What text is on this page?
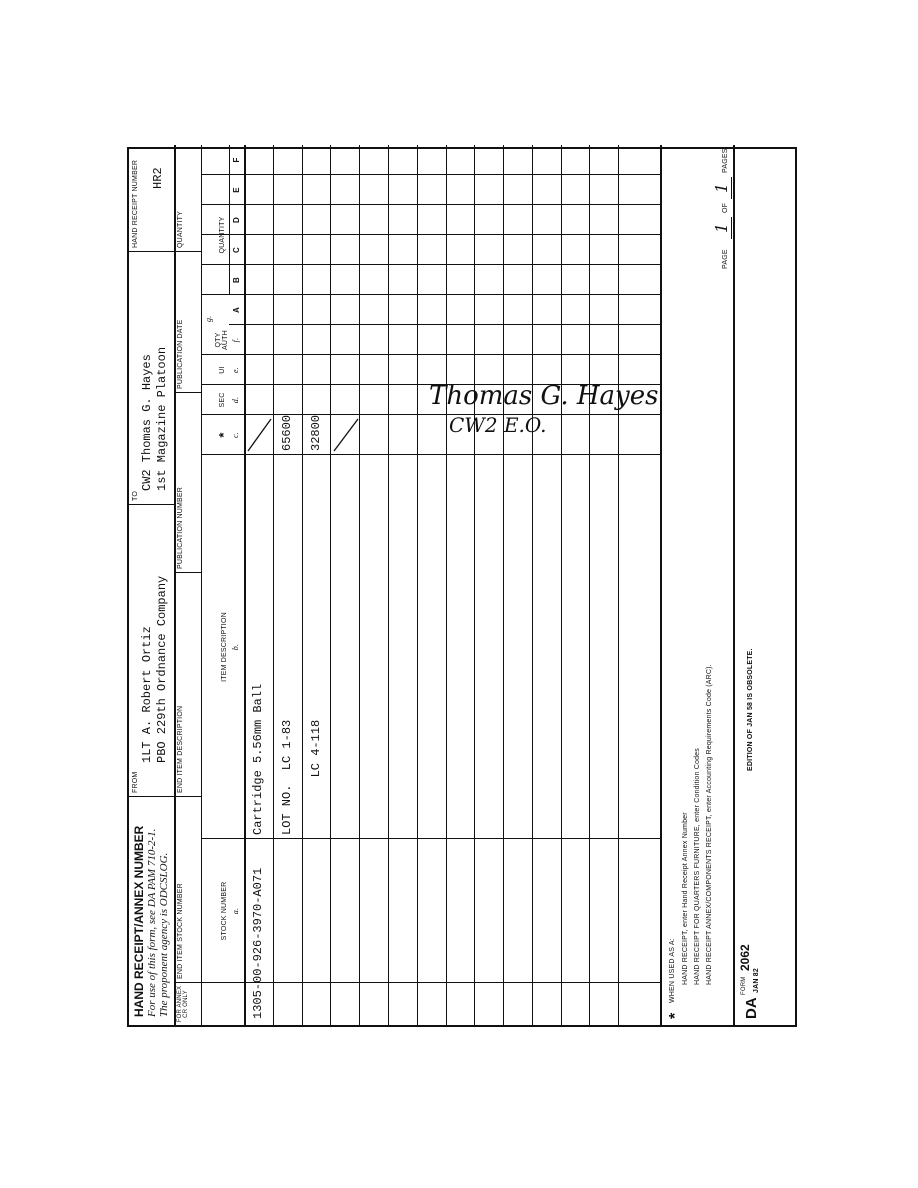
HAND RECEIPT/ANNEX NUMBER For use of this form, see DA PAM 710-2-1. The proponent agency is ODCSLOG.
FROM
1LT A. Robert Ortiz PBO 229th Ordnance Company
TO
CW2 Thomas G. Hayes 1st Magazine Platoon
HAND RECEIPT NUMBER HR2
FOR ANNEX CR ONLY
END ITEM STOCK NUMBER
END ITEM DESCRIPTION
PUBLICATION NUMBER
PUBLICATION DATE
QUANTITY
STOCK NUMBER a.
ITEM DESCRIPTION b.
* c.
SEC d.
UI e.
QTY AUTH f.
g.
QUANTITY
A
B
C
D
E
F
1305-00-926-3970-A071
Cartridge 5.56mm Ball LOT NO.  LC 1-83
65600
LC 4-118
32800
Thomas G. Hayes
CW2 E.O.
*
WHEN USED AS A: HAND RECEIPT, enter Hand Receipt Annex Number HAND RECEIPT FOR QUARTERS FURNITURE, enter Condition Codes HAND RECEIPT ANNEX/COMPONENTS RECEIPT, enter Accounting Requirements Code (ARC).
PAGE
1
OF
1
PAGES
DA
FORM
2062
JAN 82
EDITION OF JAN 58 IS OBSOLETE.
